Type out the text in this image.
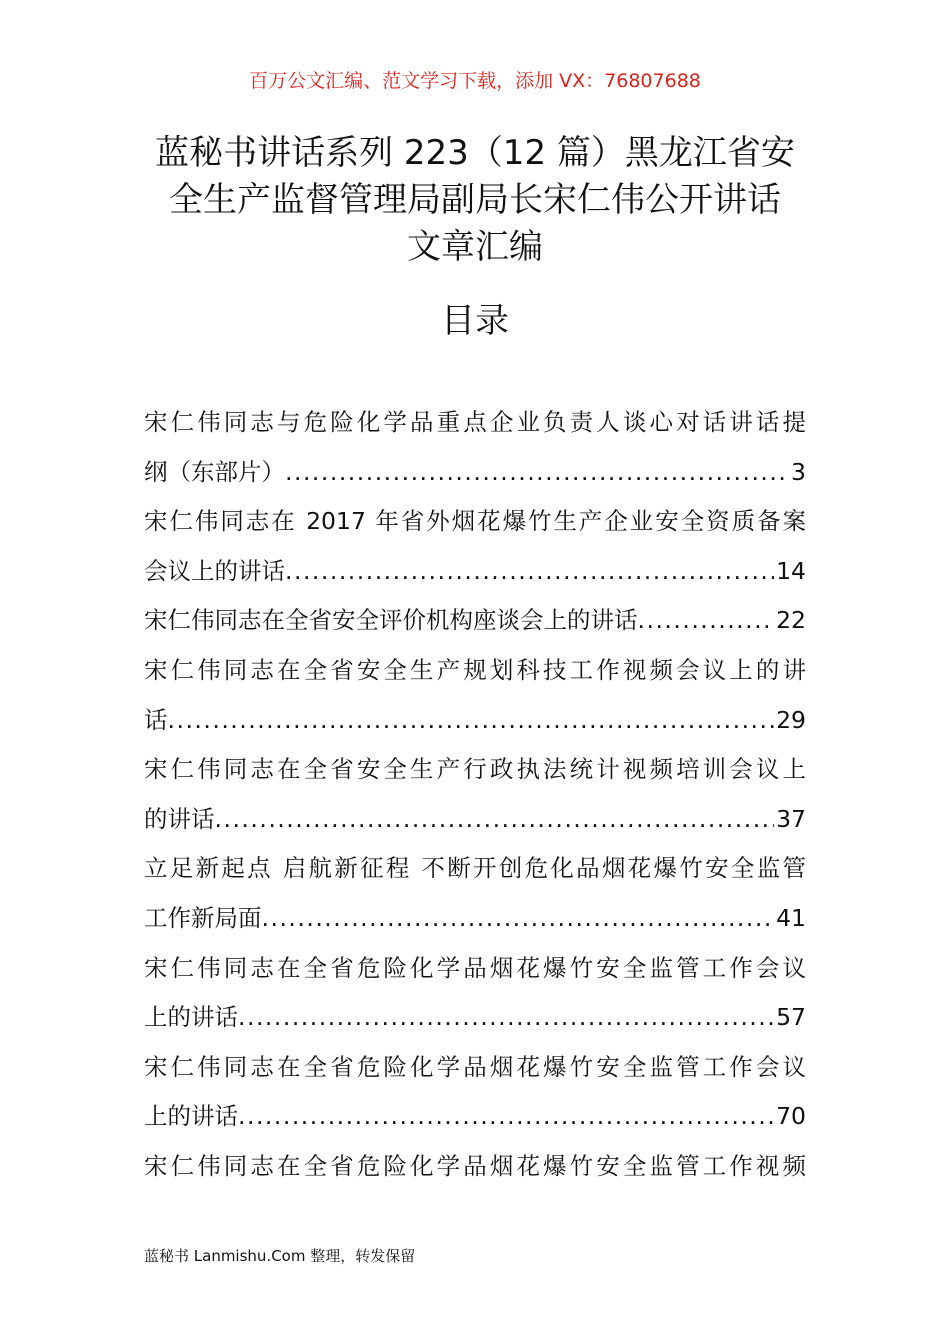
百万公文汇编、范文学习下载，添加 VX：76807688
蓝秘书讲话系列 223（12 篇）黑龙江省安
全生产监督管理局副局长宋仁伟公开讲话
文章汇编
目录
宋仁伟同志与危险化学品重点企业负责人谈心对话讲话提
纲（东部片） .....	3
宋仁伟同志在 2017 年省外烟花爆竹生产企业安全资质备案
会议上的讲话 .....	14
宋仁伟同志在全省安全评价机构座谈会上的讲话 .....	22
宋仁伟同志在全省安全生产规划科技工作视频会议上的讲
话 .....	29
宋仁伟同志在全省安全生产行政执法统计视频培训会议上
的讲话 .....	37
立足新起点 启航新征程 不断开创危化品烟花爆竹安全监管
工作新局面 .....	41
宋仁伟同志在全省危险化学品烟花爆竹安全监管工作会议
上的讲话 .....	57
宋仁伟同志在全省危险化学品烟花爆竹安全监管工作会议
上的讲话 .....	70
宋仁伟同志在全省危险化学品烟花爆竹安全监管工作视频
蓝秘书 Lanmishu.Com 整理，转发保留
